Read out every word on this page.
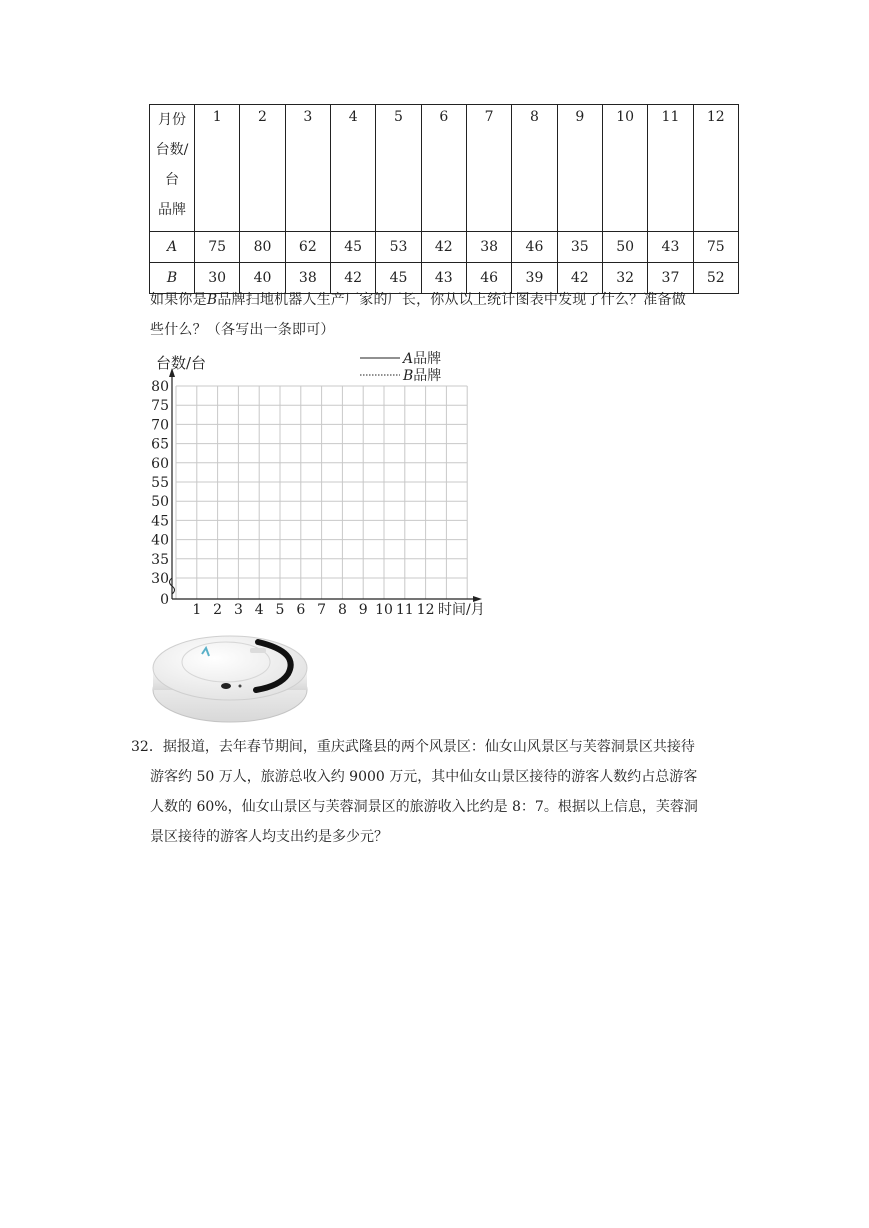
月份
台数/
台
品牌	1	2	3	4	5	6	7	8	9	10	11	12
A	75	80	62	45	53	42	38	46	35	50	43	75
B	30	40	38	42	45	43	46	39	42	32	37	52
如果你是B品牌扫地机器人生产厂家的厂长，你从以上统计图表中发现了什么？准备做
些什么？（各写出一条即可）
台数/台
80
75
70
65
60
55
50
45
40
35
30
0
1 2 3 4 5 6 7 8 9 10 11 12 时间/月
A品牌
B品牌
32．据报道，去年春节期间，重庆武隆县的两个风景区：仙女山风景区与芙蓉洞景区共接待
游客约 50 万人，旅游总收入约 9000 万元，其中仙女山景区接待的游客人数约占总游客
人数的 60%，仙女山景区与芙蓉洞景区的旅游收入比约是 8：7。根据以上信息，芙蓉洞
景区接待的游客人均支出约是多少元？
